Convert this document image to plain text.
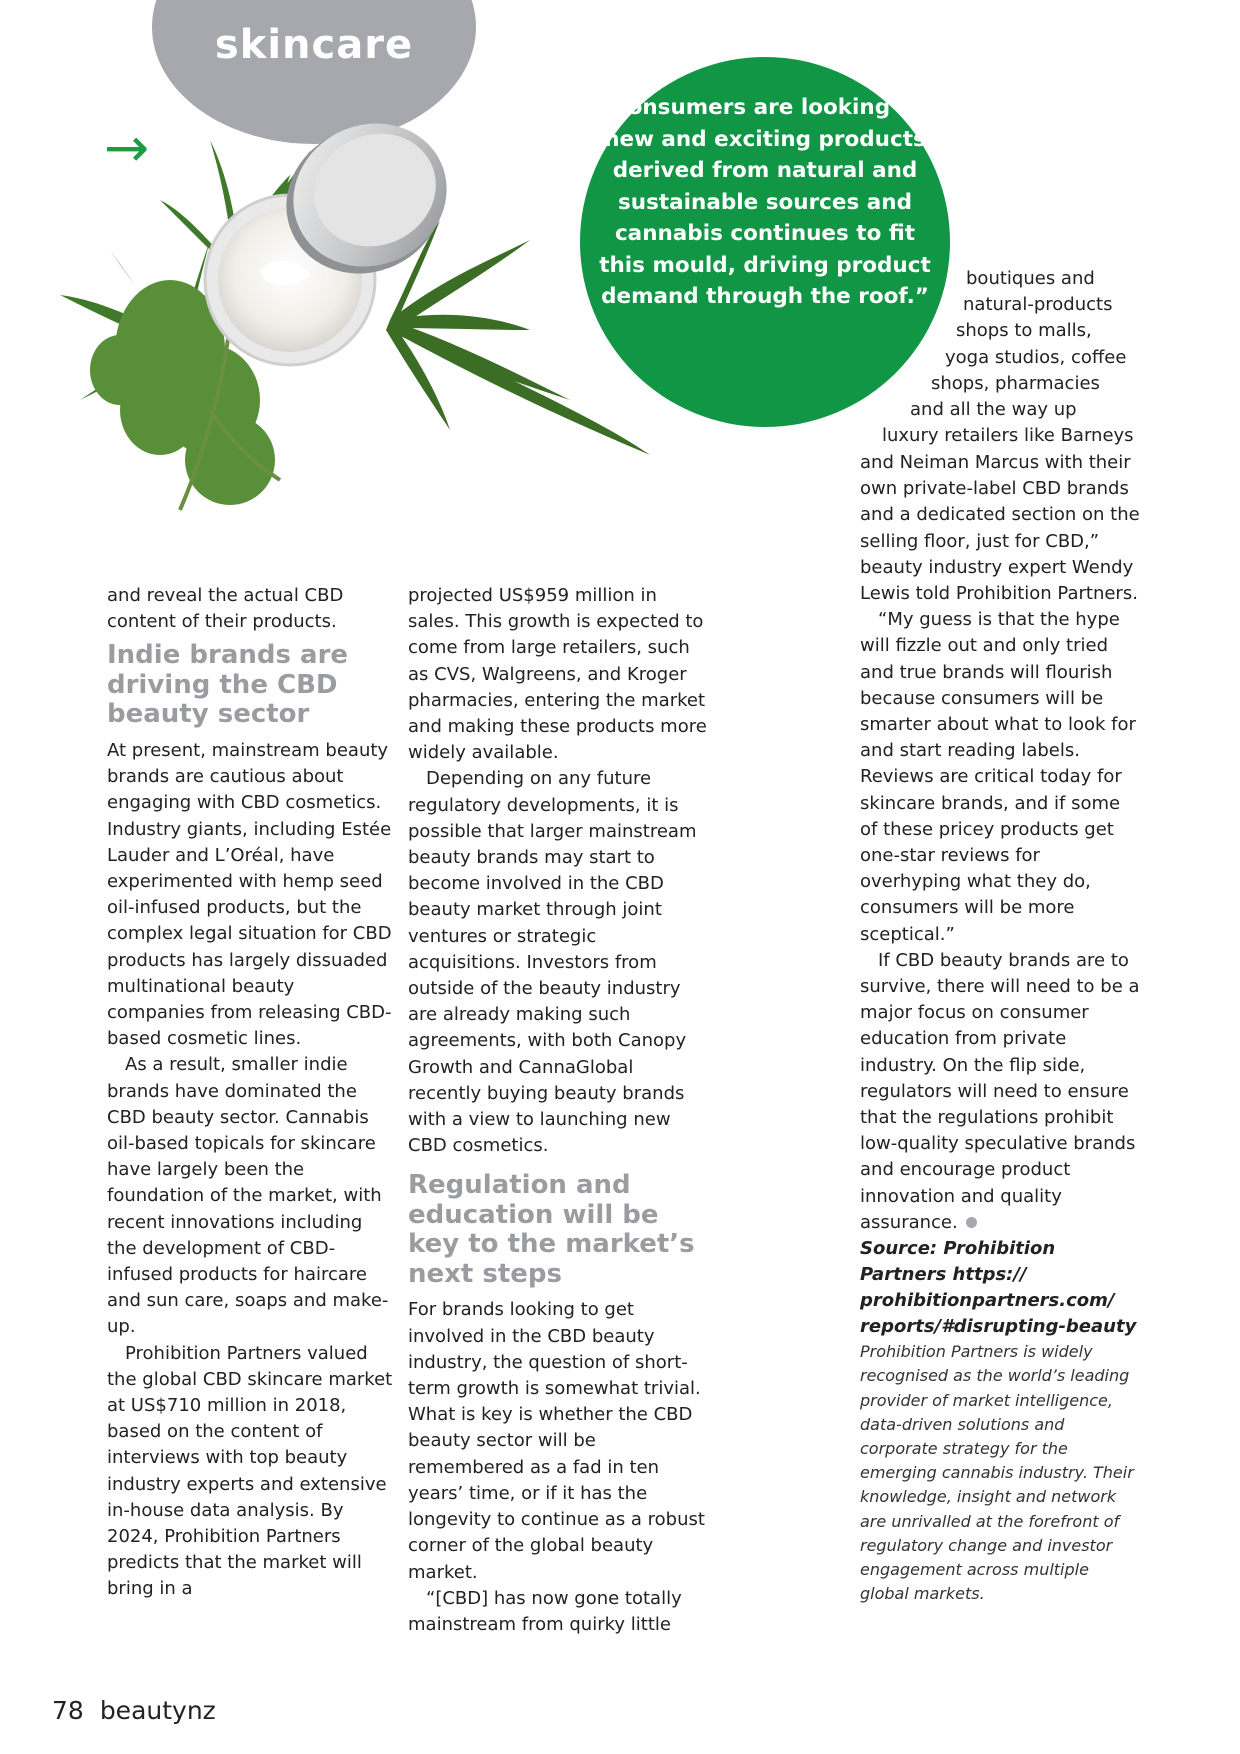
skincare
→
“Consumers are looking for new and exciting products derived from natural and sustainable sources and cannabis continues to fit this mould, driving product demand through the roof.”

and reveal the actual CBD content of their products.

Indie brands are driving the CBD beauty sector

At present, mainstream beauty brands are cautious about engaging with CBD cosmetics. Industry giants, including Estée Lauder and L’Oréal, have experimented with hemp seed oil-infused products, but the complex legal situation for CBD products has largely dissuaded multinational beauty companies from releasing CBD-based cosmetic lines.

As a result, smaller indie brands have dominated the CBD beauty sector. Cannabis oil-based topicals for skincare have largely been the foundation of the market, with recent innovations including the development of CBD-infused products for haircare and sun care, soaps and make-up.

Prohibition Partners valued the global CBD skincare market at US$710 million in 2018, based on the content of interviews with top beauty industry experts and extensive in-house data analysis. By 2024, Prohibition Partners predicts that the market will bring in a

projected US$959 million in sales. This growth is expected to come from large retailers, such as CVS, Walgreens, and Kroger pharmacies, entering the market and making these products more widely available.

Depending on any future regulatory developments, it is possible that larger mainstream beauty brands may start to become involved in the CBD beauty market through joint ventures or strategic acquisitions. Investors from outside of the beauty industry are already making such agreements, with both Canopy Growth and CannaGlobal recently buying beauty brands with a view to launching new CBD cosmetics.

Regulation and education will be key to the market’s next steps

For brands looking to get involved in the CBD beauty industry, the question of short-term growth is somewhat trivial. What is key is whether the CBD beauty sector will be remembered as a fad in ten years’ time, or if it has the longevity to continue as a robust corner of the global beauty market.

“[CBD] has now gone totally mainstream from quirky little

boutiques and
natural-products
shops to malls,
yoga studios, coffee
shops, pharmacies
and all the way up
luxury retailers like Barneys

and Neiman Marcus with their own private-label CBD brands and a dedicated section on the selling floor, just for CBD,” beauty industry expert Wendy Lewis told Prohibition Partners.

“My guess is that the hype will fizzle out and only tried and true brands will flourish because consumers will be smarter about what to look for and start reading labels. Reviews are critical today for skincare brands, and if some of these pricey products get one-star reviews for overhyping what they do, consumers will be more sceptical.”

If CBD beauty brands are to survive, there will need to be a major focus on consumer education from private industry. On the flip side, regulators will need to ensure that the regulations prohibit low-quality speculative brands and encourage product innovation and quality assurance.

Source: Prohibition Partners https:// prohibitionpartners.com/ reports/#disrupting-beauty

Prohibition Partners is widely recognised as the world’s leading provider of market intelligence, data-driven solutions and corporate strategy for the emerging cannabis industry. Their knowledge, insight and network are unrivalled at the forefront of regulatory change and investor engagement across multiple global markets.

78 beautynz
